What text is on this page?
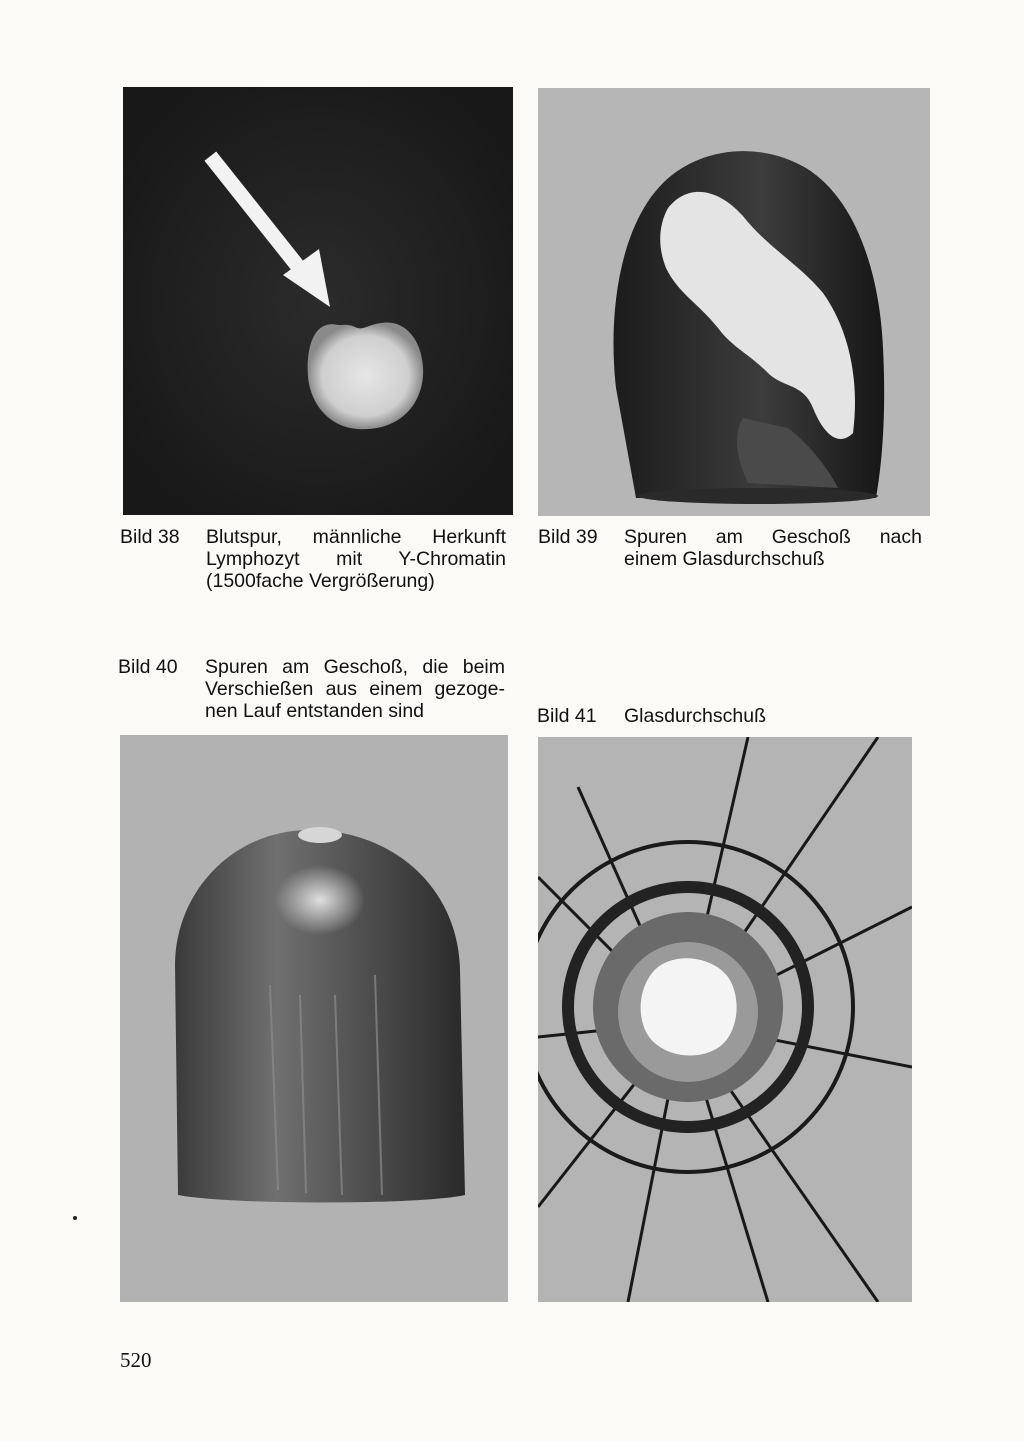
Bild 38 Blutspur, männliche Herkunft
Lymphozyt mit Y-Chromatin
(1500fache Vergrößerung)
Bild 39 Spuren am Geschoß nach
einem Glasdurchschuß
Bild 40 Spuren am Geschoß, die beim
Verschießen aus einem gezoge-
nen Lauf entstanden sind	Bild 41 Glasdurchschuß
520
